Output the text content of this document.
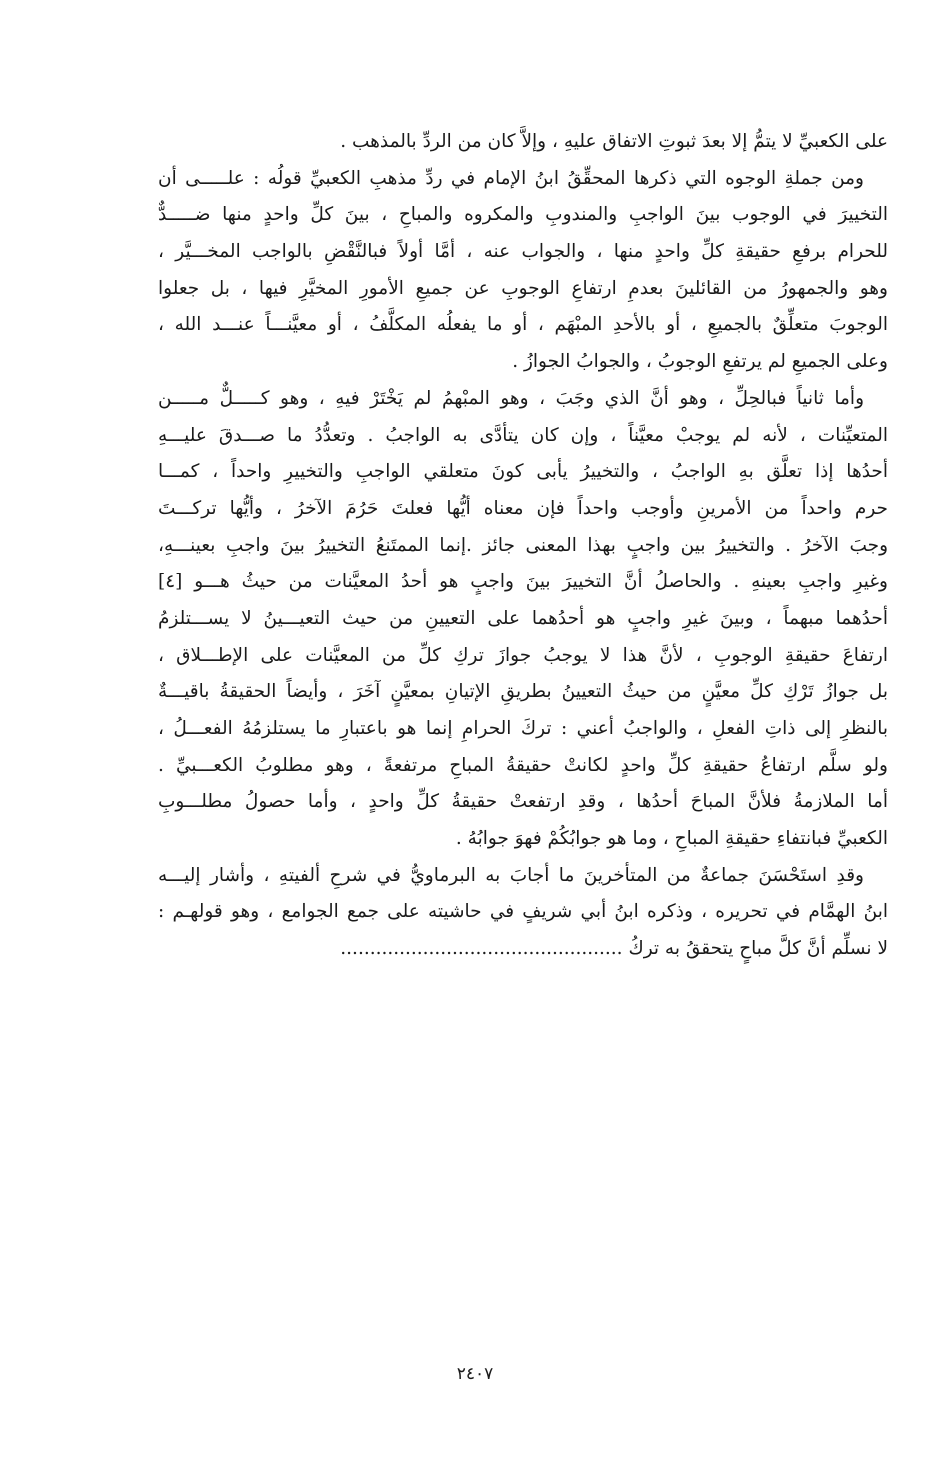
على الكعبيِّ لا يتمُّ إلا بعدَ ثبوتِ الاتفاق عليهِ ، وإلاَّ كان من الردِّ بالمذهب .
ومن جملةِ الوجوه التي ذكرها المحقِّقُ ابنُ الإمام في ردِّ مذهبِ الكعبيِّ قولُه : علـــــى أن
التخييرَ في الوجوب بينَ الواجبِ والمندوبِ والمكروه والمباحِ ، بينَ كلِّ واحدٍ منها ضـــــدٌّ
للحرام برفعِ حقيقةِ كلِّ واحدٍ منها ، والجواب عنه ، أمَّا أولاً فبالنَّقْضِ بالواجب المخـــيَّر ،
وهو والجمهورُ من القائلينَ بعدمِ ارتفاعِ الوجوبِ عن جميعِ الأمورِ المخيَّرِ فيها ، بل جعلوا
الوجوبَ متعلِّقٌ بالجميعِ ، أو بالأحدِ المبْهَم ، أو ما يفعلُه المكلَّفُ ، أو معيَّنـــاً عنـــد الله ،
وعلى الجميعِ لم يرتفعِ الوجوبُ ، والجوابُ الجوازُ .
وأما ثانياً فبالحِلِّ ، وهو أنَّ الذي وجَبَ ، وهو المبْهمُ لم يَخْتَرْ فيهِ ، وهو كـــــلٌّ مـــــن
المتعيِّنات ، لأنه لم يوجبْ معيَّناً ، وإن كان يتأدَّى به الواجبُ . وتعدُّدُ ما صـــدقَ عليـــهِ
أحدُها إذا تعلَّق بهِ الواجبُ ، والتخييرُ يأبى كونَ متعلقي الواجبِ والتخييرِ واحداً ، كمـــا
حرم واحداً من الأمرينِ وأوجب واحداً فإن معناه أيُّها فعلتَ حَرُمَ الآخرُ ، وأيُّها تركـــتَ
وجبَ الآخرُ . والتخييرُ بين واجبٍ بهذا المعنى جائز .إنما الممتَنعُ التخييرُ بينَ واجبِ بعينـــهِ،
وغيرِ واجبِ بعينهِ . والحاصلُ أنَّ التخييرَ بينَ واجبٍ هو أحدُ المعيَّنات من حيثُ هـــو [٤]
أحدُهما مبهماً ، وبينَ غيرِ واجبٍ هو أحدُهما على التعيينِ من حيث التعيـــينُ لا يســـتلزمُ
ارتفاعَ حقيقةِ الوجوبِ ، لأنَّ هذا لا يوجبُ جوازَ تركِ كلِّ من المعيَّنات على الإطـــلاق ،
بل جوازُ تَرْكِ كلِّ معيَّنٍ من حيثُ التعيينُ بطريقِ الإتيانِ بمعيَّنٍ آخَرَ ، وأيضاً الحقيقةُ باقيـــةٌ
بالنظرِ إلى ذاتِ الفعلِ ، والواجبُ أعني : تركَ الحرامِ إنما هو باعتبارِ ما يستلزمُهُ الفعـــلُ ،
ولو سلَّم ارتفاعُ حقيقةِ كلِّ واحدٍ لكانتْ حقيقةُ المباحِ مرتفعةً ، وهو مطلوبُ الكعـــبيِّ .
أما الملازمةُ فلأنَّ المباحَ أحدُها ، وقدِ ارتفعتْ حقيقةُ كلِّ واحدٍ ، وأما حصولُ مطلـــوبِ
الكعبيِّ فبانتفاءِ حقيقةِ المباحِ ، وما هو جوابُكُمْ فهوَ جوابُهُ .
وقدِ استَحْسَنَ جماعةٌ من المتأخرينَ ما أجابَ به البرماويُّ في شرحِ ألفيتهِ ، وأشار إليـــه
ابنُ الهمَّام في تحريره ، وذكره ابنُ أبي شريفٍ في حاشيته على جمع الجوامع ، وهو قولهـم :
لا نسلِّم أنَّ كلَّ مباحٍ يتحققُ به تركُ ................................................
٢٤٠٧
